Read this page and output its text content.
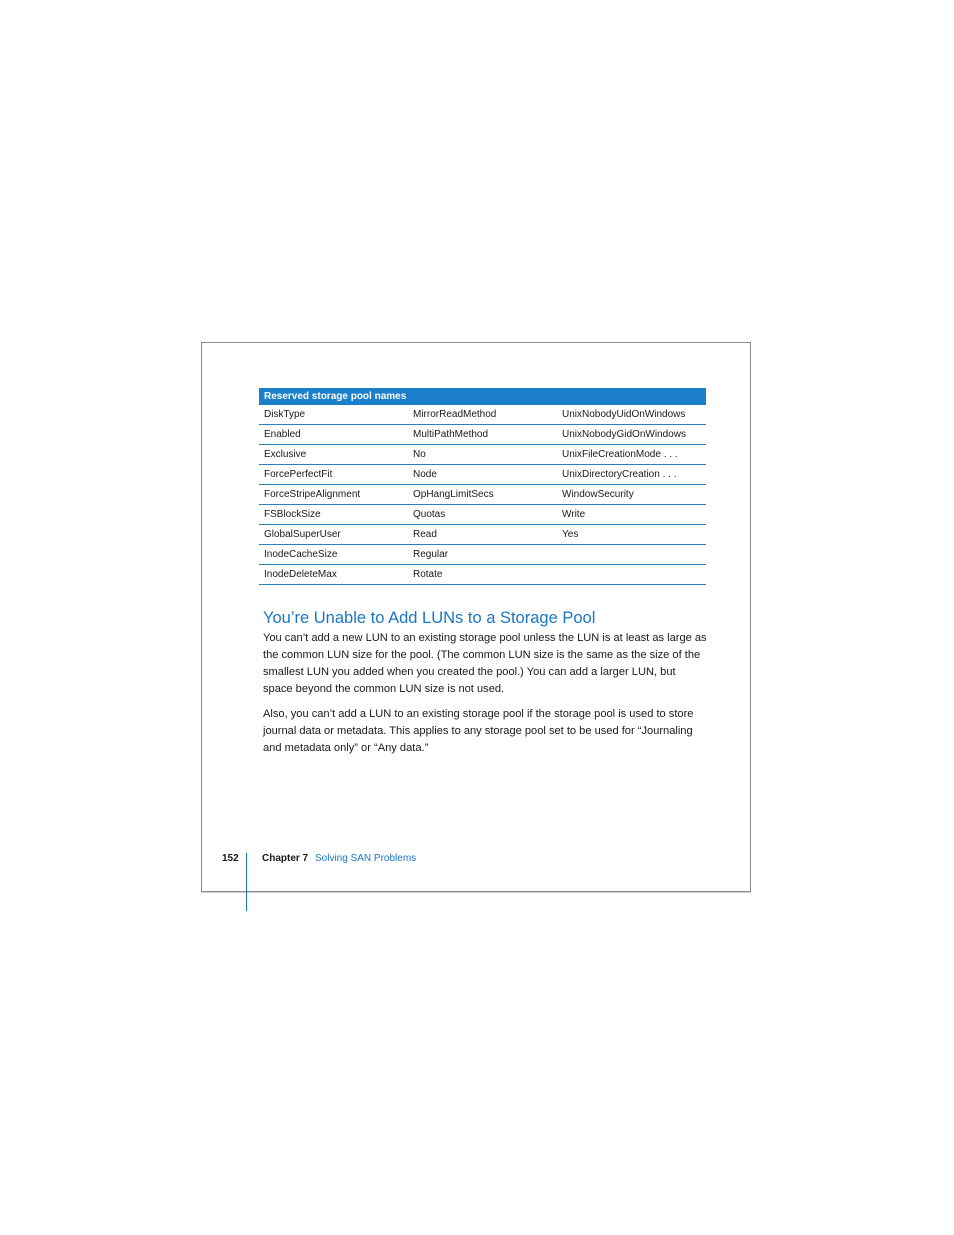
Reserved storage pool names		
DiskType	MirrorReadMethod	UnixNobodyUidOnWindows
Enabled	MultiPathMethod	UnixNobodyGidOnWindows
Exclusive	No	UnixFileCreationMode . . .
ForcePerfectFit	Node	UnixDirectoryCreation . . .
ForceStripeAlignment	OpHangLimitSecs	WindowSecurity
FSBlockSize	Quotas	Write
GlobalSuperUser	Read	Yes
InodeCacheSize	Regular	
InodeDeleteMax	Rotate	
You’re Unable to Add LUNs to a Storage Pool

You can’t add a new LUN to an existing storage pool unless the LUN is at least as large as the common LUN size for the pool. (The common LUN size is the same as the size of the smallest LUN you added when you created the pool.) You can add a larger LUN, but space beyond the common LUN size is not used.

Also, you can’t add a LUN to an existing storage pool if the storage pool is used to store journal data or metadata. This applies to any storage pool set to be used for “Journaling and metadata only” or “Any data.”

152 Chapter 7 Solving SAN Problems
